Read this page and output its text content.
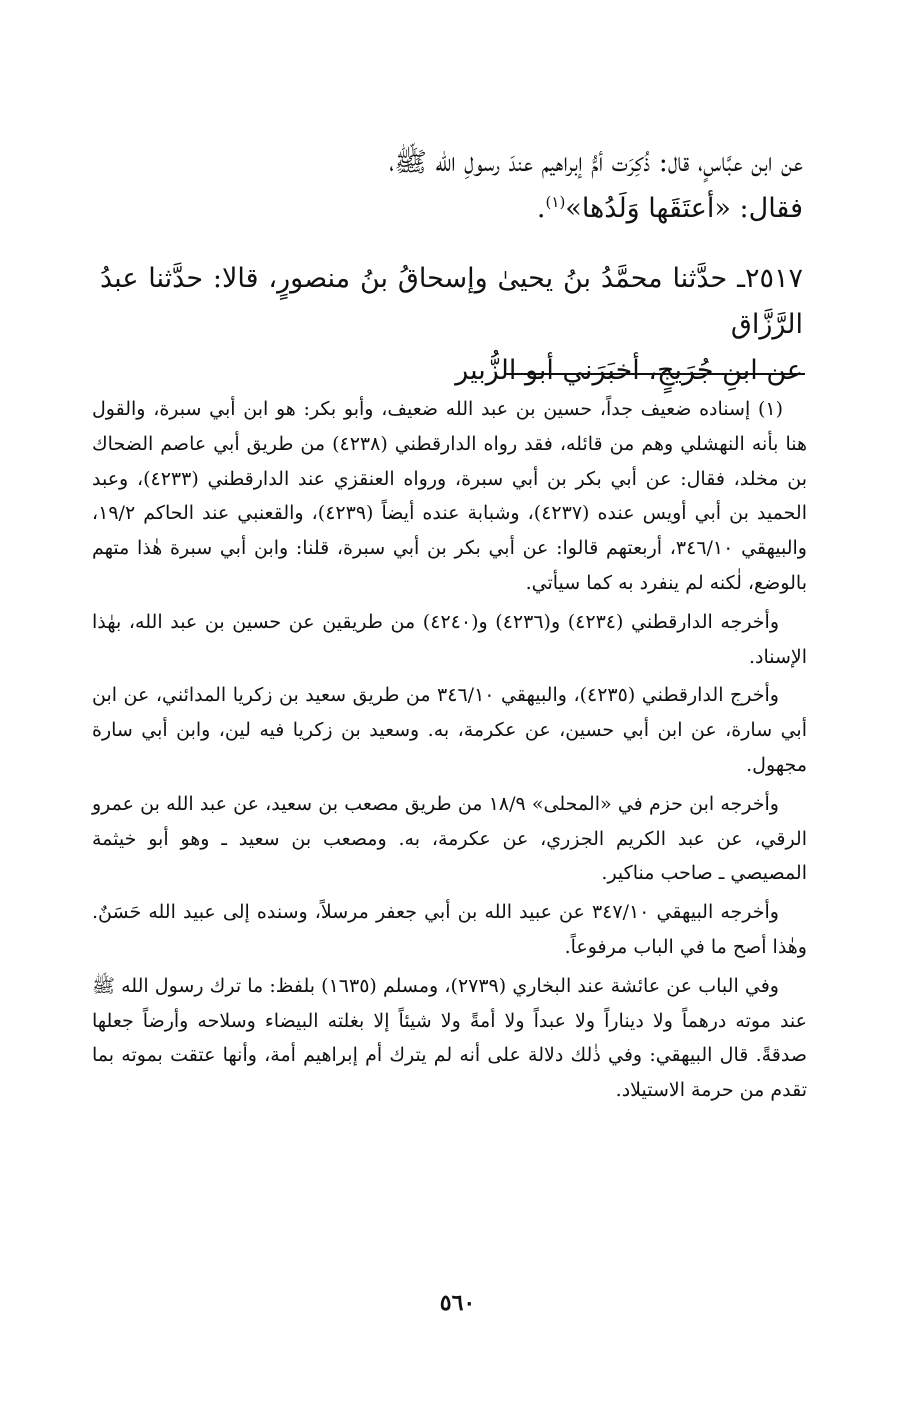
عن ابن عبَّاسٍ، قال: ذُكِرَت أمُّ إبراهيم عندَ رسولِ الله ﷺ،

فقال: «أعتَقَها وَلَدُها»$^{(١)}$.

٢٥١٧ـ حدَّثنا محمَّدُ بنُ يحيىٰ وإسحاقُ بنُ منصورٍ، قالا: حدَّثنا عبدُ الرَّزَّاق

عن ابنِ جُرَيجٍ، أخبَرَني أبو الزُّبير

(١) إسناده ضعيف جداً، حسين بن عبد الله ضعيف، وأبو بكر: هو ابن أبي سبرة، والقول هنا بأنه النهشلي وهم من قائله، فقد رواه الدارقطني (٤٢٣٨) من طريق أبي عاصم الضحاك بن مخلد، فقال: عن أبي بكر بن أبي سبرة، ورواه العنقزي عند الدارقطني (٤٢٣٣)، وعبد الحميد بن أبي أويس عنده (٤٢٣٧)، وشبابة عنده أيضاً (٤٢٣٩)، والقعنبي عند الحاكم ١٩/٢، والبيهقي ٣٤٦/١٠، أربعتهم قالوا: عن أبي بكر بن أبي سبرة، قلنا: وابن أبي سبرة هٰذا متهم بالوضع، لٰكنه لم ينفرد به كما سيأتي.

وأخرجه الدارقطني (٤٢٣٤) و(٤٢٣٦) و(٤٢٤٠) من طريقين عن حسين بن عبد الله، بهٰذا الإسناد.

وأخرج الدارقطني (٤٢٣٥)، والبيهقي ٣٤٦/١٠ من طريق سعيد بن زكريا المدائني، عن ابن أبي سارة، عن ابن أبي حسين، عن عكرمة، به. وسعيد بن زكريا فيه لين، وابن أبي سارة مجهول.

وأخرجه ابن حزم في «المحلى» ١٨/٩ من طريق مصعب بن سعيد، عن عبد الله بن عمرو الرقي، عن عبد الكريم الجزري، عن عكرمة، به. ومصعب بن سعيد ـ وهو أبو خيثمة المصيصي ـ صاحب مناكير.

وأخرجه البيهقي ٣٤٧/١٠ عن عبيد الله بن أبي جعفر مرسلاً، وسنده إلى عبيد الله حَسَنٌ. وهٰذا أصح ما في الباب مرفوعاً.

وفي الباب عن عائشة عند البخاري (٢٧٣٩)، ومسلم (١٦٣٥) بلفظ: ما ترك رسول الله ﷺ عند موته درهماً ولا ديناراً ولا عبداً ولا أمةً ولا شيئاً إلا بغلته البيضاء وسلاحه وأرضاً جعلها صدقةً. قال البيهقي: وفي ذٰلك دلالة على أنه لم يترك أم إبراهيم أمة، وأنها عتقت بموته بما تقدم من حرمة الاستيلاد.

٥٦٠
